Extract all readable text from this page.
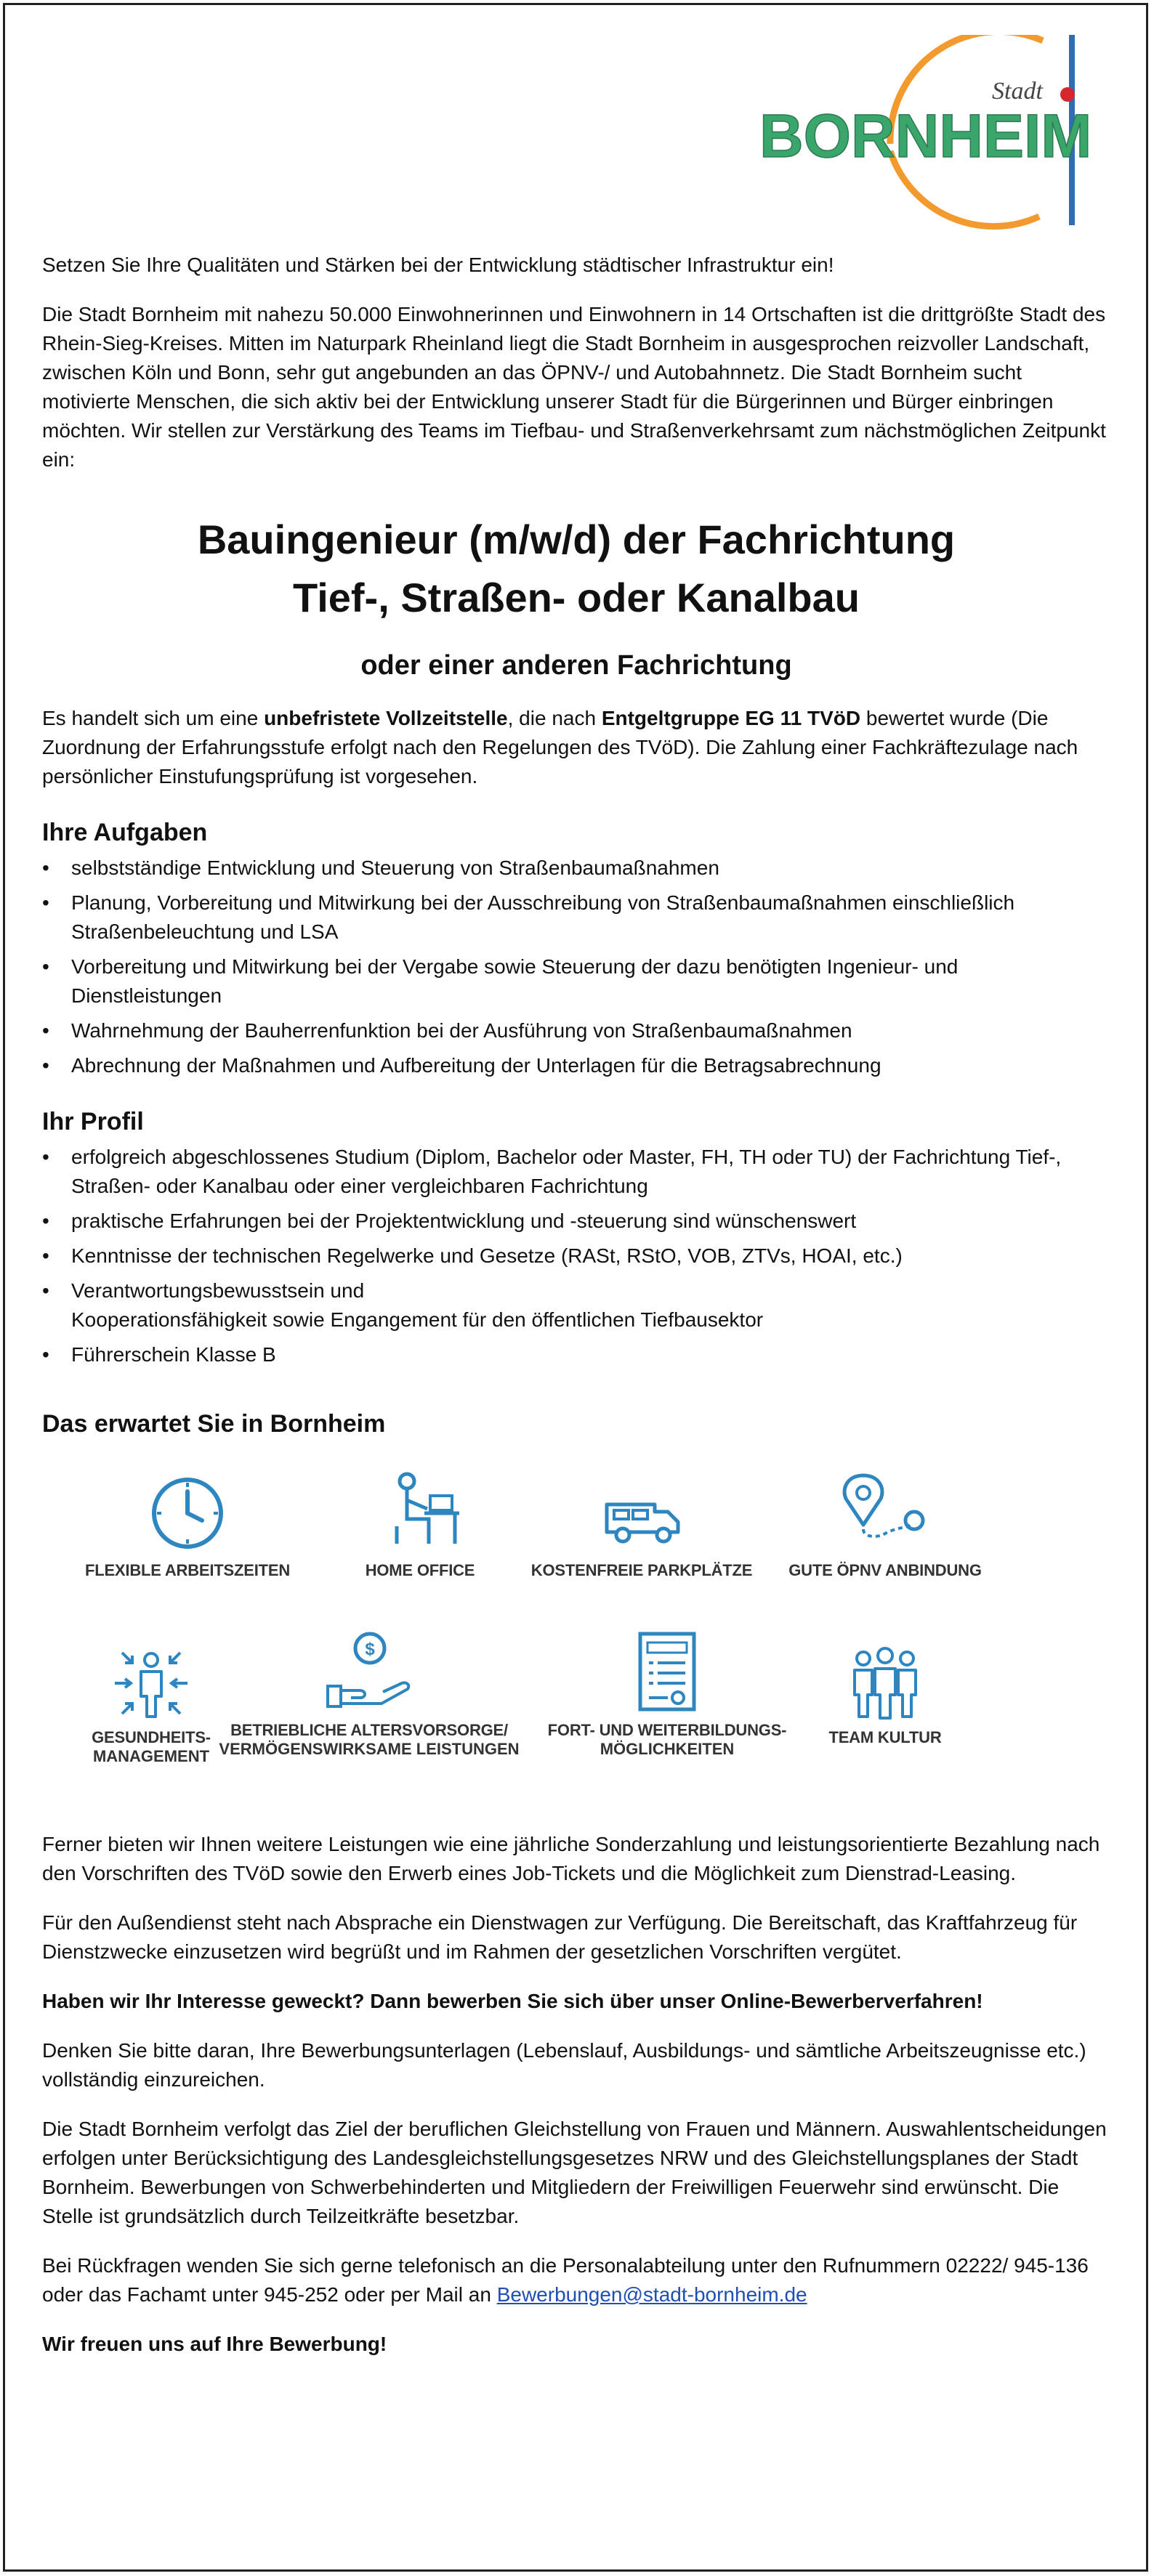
Stadt
BORNHEIM

Setzen Sie Ihre Qualitäten und Stärken bei der Entwicklung städtischer Infrastruktur ein!

Die Stadt Bornheim mit nahezu 50.000 Einwohnerinnen und Einwohnern in 14 Ortschaften ist die drittgrößte Stadt des Rhein-Sieg-Kreises. Mitten im Naturpark Rheinland liegt die Stadt Bornheim in ausgesprochen reizvoller Landschaft, zwischen Köln und Bonn, sehr gut angebunden an das ÖPNV-/ und Autobahnnetz. Die Stadt Bornheim sucht motivierte Menschen, die sich aktiv bei der Entwicklung unserer Stadt für die Bürgerinnen und Bürger einbringen möchten. Wir stellen zur Verstärkung des Teams im Tiefbau- und Straßenverkehrsamt zum nächstmöglichen Zeitpunkt ein:

Bauingenieur (m/w/d) der Fachrichtung
Tief-, Straßen- oder Kanalbau
oder einer anderen Fachrichtung

Es handelt sich um eine unbefristete Vollzeitstelle, die nach Entgeltgruppe EG 11 TVöD bewertet wurde (Die Zuordnung der Erfahrungsstufe erfolgt nach den Regelungen des TVöD). Die Zahlung einer Fachkräftezulage nach persönlicher Einstufungsprüfung ist vorgesehen.

Ihre Aufgaben
• selbstständige Entwicklung und Steuerung von Straßenbaumaßnahmen
• Planung, Vorbereitung und Mitwirkung bei der Ausschreibung von Straßenbaumaßnahmen einschließlich Straßenbeleuchtung und LSA
• Vorbereitung und Mitwirkung bei der Vergabe sowie Steuerung der dazu benötigten Ingenieur- und Dienstleistungen
• Wahrnehmung der Bauherrenfunktion bei der Ausführung von Straßenbaumaßnahmen
• Abrechnung der Maßnahmen und Aufbereitung der Unterlagen für die Betragsabrechnung
Ihr Profil
• erfolgreich abgeschlossenes Studium (Diplom, Bachelor oder Master, FH, TH oder TU) der Fachrichtung Tief-, Straßen- oder Kanalbau oder einer vergleichbaren Fachrichtung
• praktische Erfahrungen bei der Projektentwicklung und -steuerung sind wünschenswert
• Kenntnisse der technischen Regelwerke und Gesetze (RASt, RStO, VOB, ZTVs, HOAI, etc.)
• Verantwortungsbewusstsein und
Kooperationsfähigkeit sowie Engangement für den öffentlichen Tiefbausektor
• Führerschein Klasse B
Das erwartet Sie in Bornheim
FLEXIBLE ARBEITSZEITEN	HOME OFFICE	KOSTENFREIE PARKPLÄTZE	GUTE ÖPNV ANBINDUNG
GESUNDHEITS-
MANAGEMENT
$
BETRIEBLICHE ALTERSVORSORGE/
VERMÖGENSWIRKSAME LEISTUNGEN
FORT- UND WEITERBILDUNGS-
MÖGLICHKEITEN
TEAM KULTUR

Ferner bieten wir Ihnen weitere Leistungen wie eine jährliche Sonderzahlung und leistungsorientierte Bezahlung nach den Vorschriften des TVöD sowie den Erwerb eines Job-Tickets und die Möglichkeit zum Dienstrad-Leasing.

Für den Außendienst steht nach Absprache ein Dienstwagen zur Verfügung. Die Bereitschaft, das Kraftfahrzeug für Dienstzwecke einzusetzen wird begrüßt und im Rahmen der gesetzlichen Vorschriften vergütet.

Haben wir Ihr Interesse geweckt? Dann bewerben Sie sich über unser Online-Bewerberverfahren!

Denken Sie bitte daran, Ihre Bewerbungsunterlagen (Lebenslauf, Ausbildungs- und sämtliche Arbeitszeugnisse etc.) vollständig einzureichen.

Die Stadt Bornheim verfolgt das Ziel der beruflichen Gleichstellung von Frauen und Männern. Auswahlentscheidungen erfolgen unter Berücksichtigung des Landesgleichstellungsgesetzes NRW und des Gleichstellungsplanes der Stadt Bornheim. Bewerbungen von Schwerbehinderten und Mitgliedern der Freiwilligen Feuerwehr sind erwünscht. Die Stelle ist grundsätzlich durch Teilzeitkräfte besetzbar.

Bei Rückfragen wenden Sie sich gerne telefonisch an die Personalabteilung unter den Rufnummern 02222/ 945-136 oder das Fachamt unter 945-252 oder per Mail an Bewerbungen@stadt-bornheim.de

Wir freuen uns auf Ihre Bewerbung!
